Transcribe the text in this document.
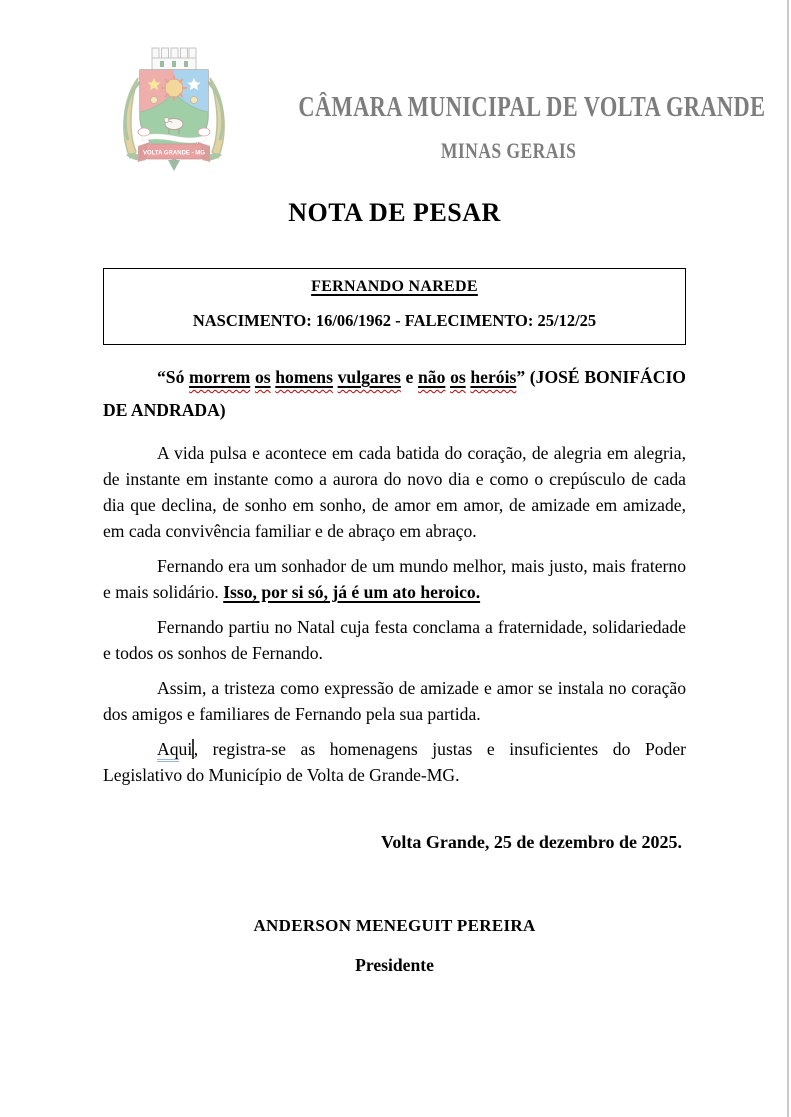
VOLTA GRANDE - MG
CÂMARA MUNICIPAL DE VOLTA GRANDE
MINAS GERAIS
NOTA DE PESAR
FERNANDO NAREDE
NASCIMENTO: 16/06/1962 - FALECIMENTO: 25/12/25

“Só morrem os homens vulgares e não os heróis” (JOSÉ BONIFÁCIO DE ANDRADA)

A vida pulsa e acontece em cada batida do coração, de alegria em alegria, de instante em instante como a aurora do novo dia e como o crepúsculo de cada dia que declina, de sonho em sonho, de amor em amor, de amizade em amizade, em cada convivência familiar e de abraço em abraço.

Fernando era um sonhador de um mundo melhor, mais justo, mais fraterno e mais solidário. Isso, por si só, já é um ato heroico.

Fernando partiu no Natal cuja festa conclama a fraternidade, solidariedade e todos os sonhos de Fernando.

Assim, a tristeza como expressão de amizade e amor se instala no coração dos amigos e familiares de Fernando pela sua partida.

Aqui, registra-se as homenagens justas e insuficientes do Poder Legislativo do Município de Volta de Grande-MG.

Volta Grande, 25 de dezembro de 2025.

ANDERSON MENEGUIT PEREIRA

Presidente
